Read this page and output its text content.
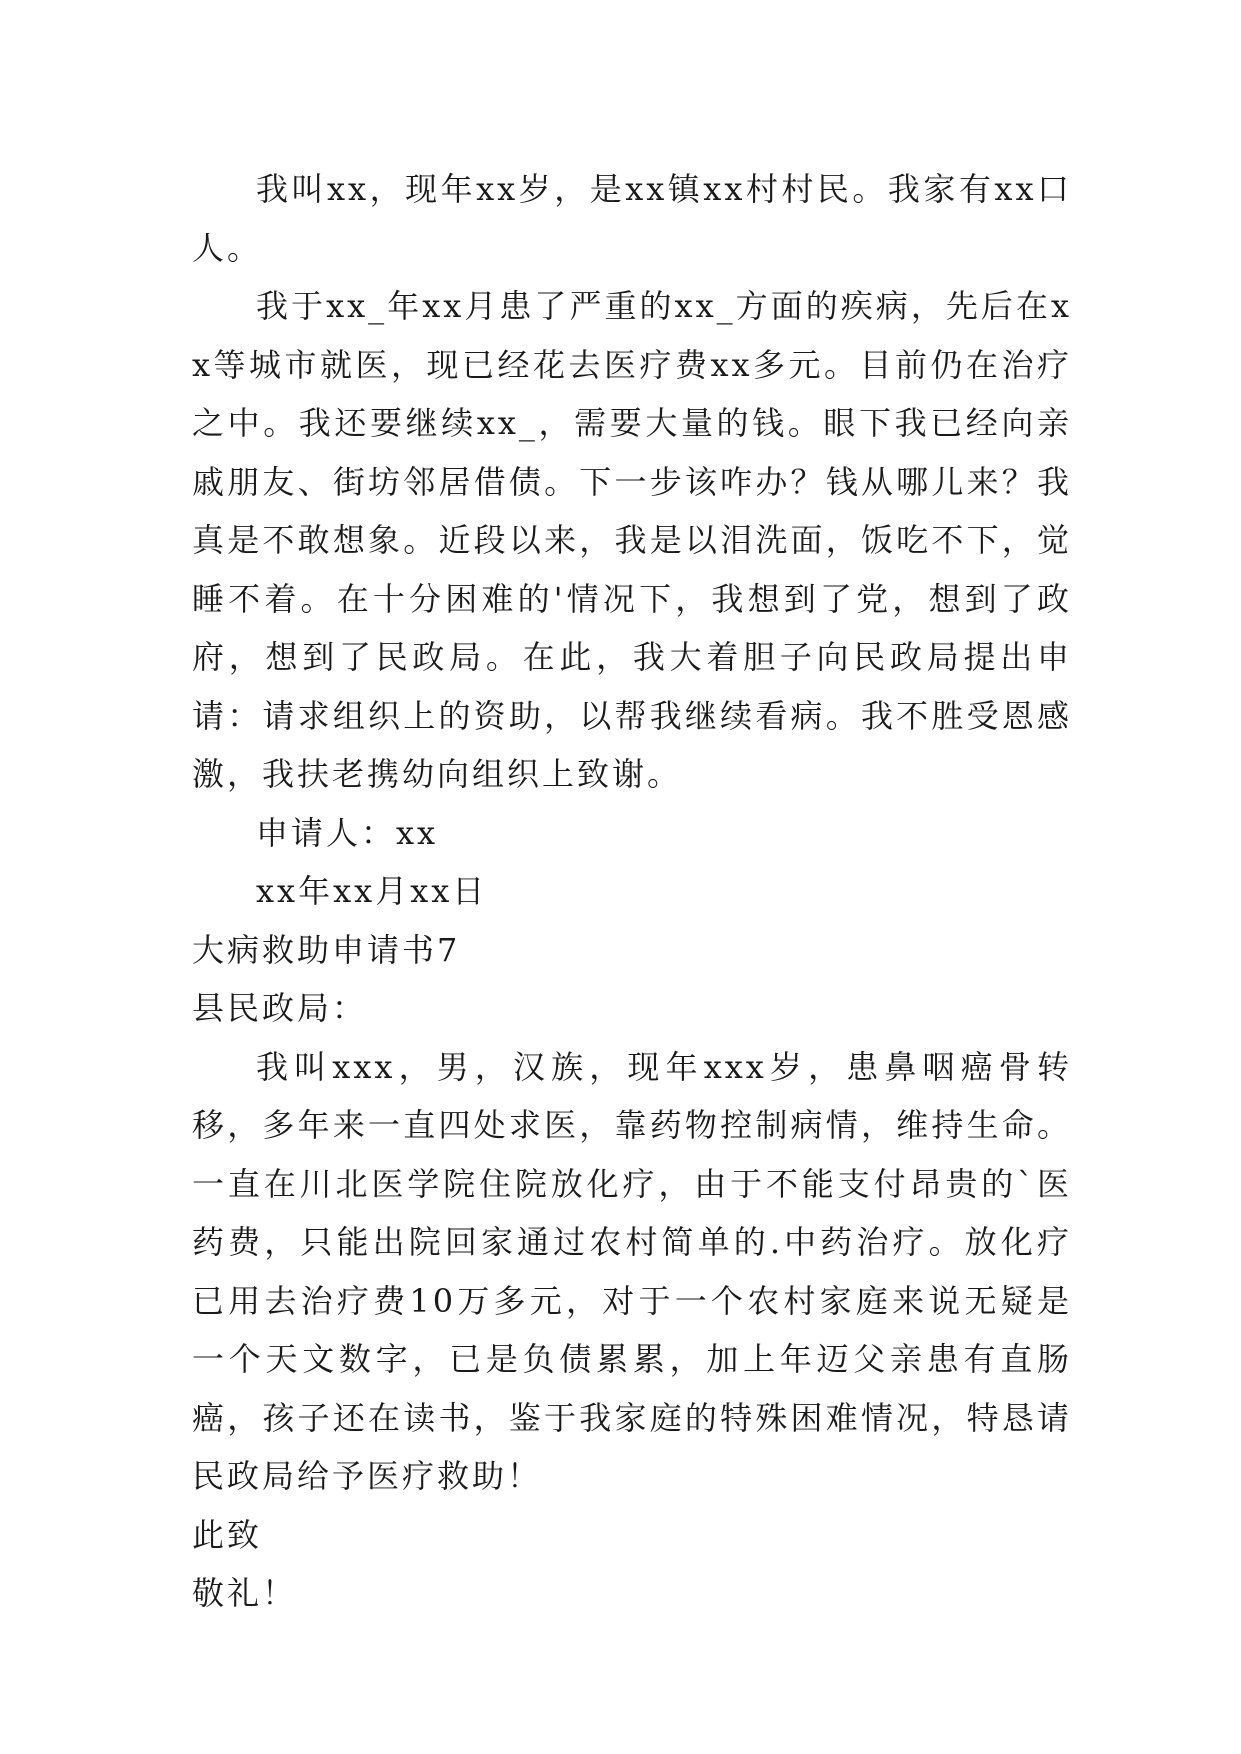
我叫xx，现年xx岁，是xx镇xx村村民。我家有xx口人。

我于xx_年xx月患了严重的xx_方面的疾病，先后在xx等城市就医，现已经花去医疗费xx多元。目前仍在治疗之中。我还要继续xx_，需要大量的钱。眼下我已经向亲戚朋友、街坊邻居借债。下一步该咋办？钱从哪儿来？我真是不敢想象。近段以来，我是以泪洗面，饭吃不下，觉睡不着。在十分困难的'情况下，我想到了党，想到了政府，想到了民政局。在此，我大着胆子向民政局提出申请：请求组织上的资助，以帮我继续看病。我不胜受恩感激，我扶老携幼向组织上致谢。

申请人：xx

xx年xx月xx日

大病救助申请书7

县民政局：

我叫xxx，男，汉族，现年xxx岁，患鼻咽癌骨转移，多年来一直四处求医，靠药物控制病情，维持生命。一直在川北医学院住院放化疗，由于不能支付昂贵的`医药费，只能出院回家通过农村简单的.中药治疗。放化疗已用去治疗费10万多元，对于一个农村家庭来说无疑是一个天文数字，已是负债累累，加上年迈父亲患有直肠癌，孩子还在读书，鉴于我家庭的特殊困难情况，特恳请民政局给予医疗救助！

此致

敬礼！
